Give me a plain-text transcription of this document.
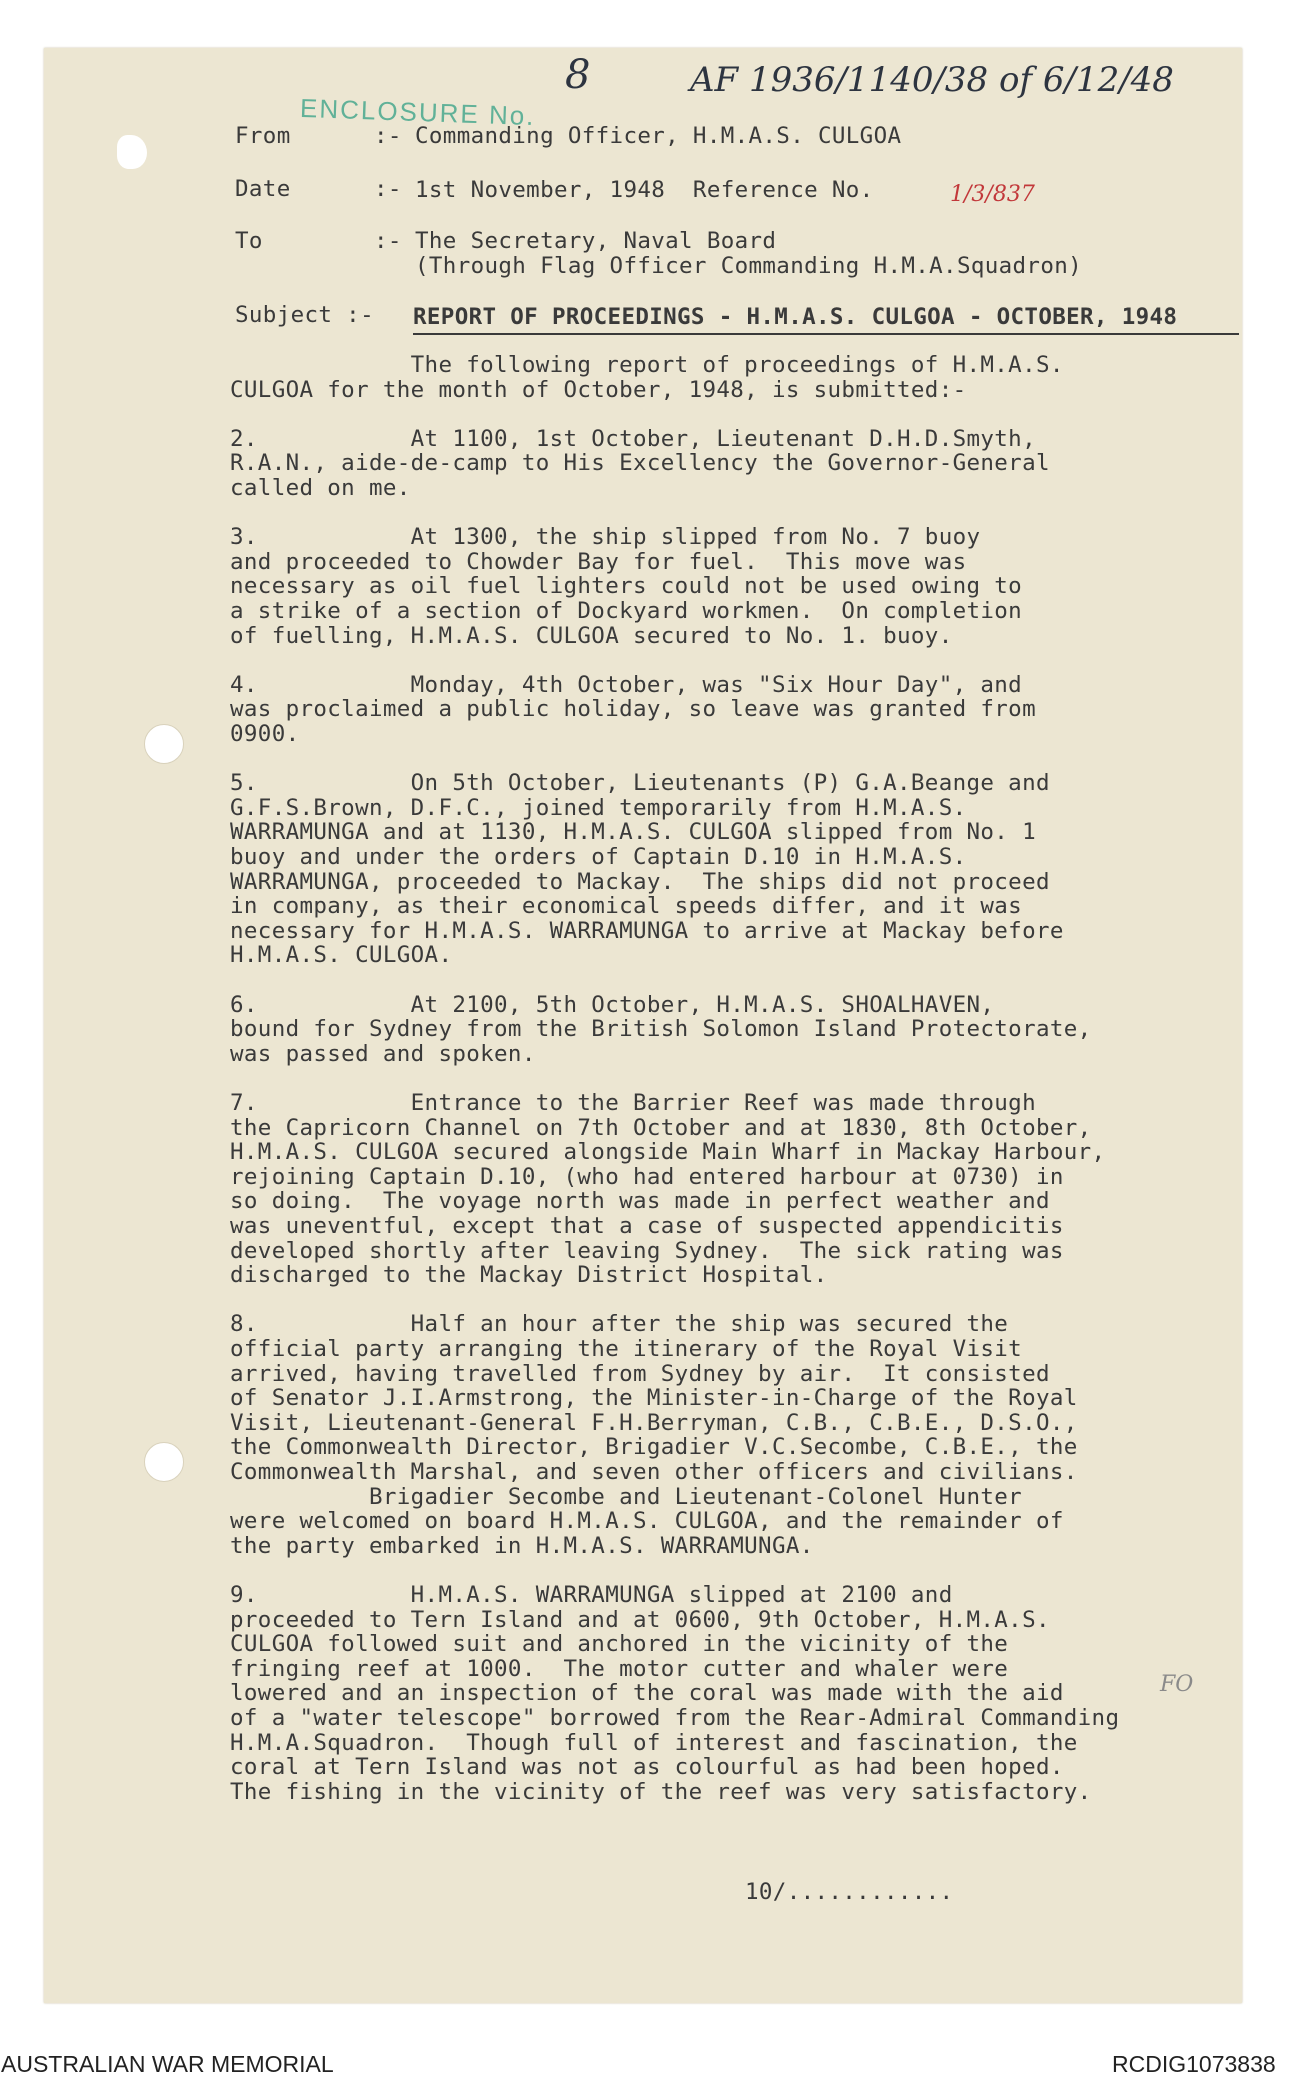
ENCLOSURE No.
8	AF 1936/1140/38 of 6/12/48
1/3/837
FO
From      :- Commanding Officer, H.M.A.S. CULGOA
Date      :- 1st November, 1948  Reference No.
To        :- The Secretary, Naval Board
(Through Flag Officer Commanding H.M.A.Squadron)
Subject :- REPORT OF PROCEEDINGS - H.M.A.S. CULGOA - OCTOBER, 1948
The following report of proceedings of H.M.A.S.
CULGOA for the month of October, 1948, is submitted:-
2.           At 1100, 1st October, Lieutenant D.H.D.Smyth,
R.A.N., aide-de-camp to His Excellency the Governor-General
called on me.
3.           At 1300, the ship slipped from No. 7 buoy
and proceeded to Chowder Bay for fuel.  This move was
necessary as oil fuel lighters could not be used owing to
a strike of a section of Dockyard workmen.  On completion
of fuelling, H.M.A.S. CULGOA secured to No. 1. buoy.
4.           Monday, 4th October, was "Six Hour Day", and
was proclaimed a public holiday, so leave was granted from
0900.
5.           On 5th October, Lieutenants (P) G.A.Beange and
G.F.S.Brown, D.F.C., joined temporarily from H.M.A.S.
WARRAMUNGA and at 1130, H.M.A.S. CULGOA slipped from No. 1
buoy and under the orders of Captain D.10 in H.M.A.S.
WARRAMUNGA, proceeded to Mackay.  The ships did not proceed
in company, as their economical speeds differ, and it was
necessary for H.M.A.S. WARRAMUNGA to arrive at Mackay before
H.M.A.S. CULGOA.
6.           At 2100, 5th October, H.M.A.S. SHOALHAVEN,
bound for Sydney from the British Solomon Island Protectorate,
was passed and spoken.
7.           Entrance to the Barrier Reef was made through
the Capricorn Channel on 7th October and at 1830, 8th October,
H.M.A.S. CULGOA secured alongside Main Wharf in Mackay Harbour,
rejoining Captain D.10, (who had entered harbour at 0730) in
so doing.  The voyage north was made in perfect weather and
was uneventful, except that a case of suspected appendicitis
developed shortly after leaving Sydney.  The sick rating was
discharged to the Mackay District Hospital.
8.           Half an hour after the ship was secured the
official party arranging the itinerary of the Royal Visit
arrived, having travelled from Sydney by air.  It consisted
of Senator J.I.Armstrong, the Minister-in-Charge of the Royal
Visit, Lieutenant-General F.H.Berryman, C.B., C.B.E., D.S.O.,
the Commonwealth Director, Brigadier V.C.Secombe, C.B.E., the
Commonwealth Marshal, and seven other officers and civilians.
Brigadier Secombe and Lieutenant-Colonel Hunter
were welcomed on board H.M.A.S. CULGOA, and the remainder of
the party embarked in H.M.A.S. WARRAMUNGA.
9.           H.M.A.S. WARRAMUNGA slipped at 2100 and
proceeded to Tern Island and at 0600, 9th October, H.M.A.S.
CULGOA followed suit and anchored in the vicinity of the
fringing reef at 1000.  The motor cutter and whaler were
lowered and an inspection of the coral was made with the aid
of a "water telescope" borrowed from the Rear-Admiral Commanding
H.M.A.Squadron.  Though full of interest and fascination, the
coral at Tern Island was not as colourful as had been hoped.
The fishing in the vicinity of the reef was very satisfactory.
10/............
AUSTRALIAN WAR MEMORIAL	RCDIG1073838
